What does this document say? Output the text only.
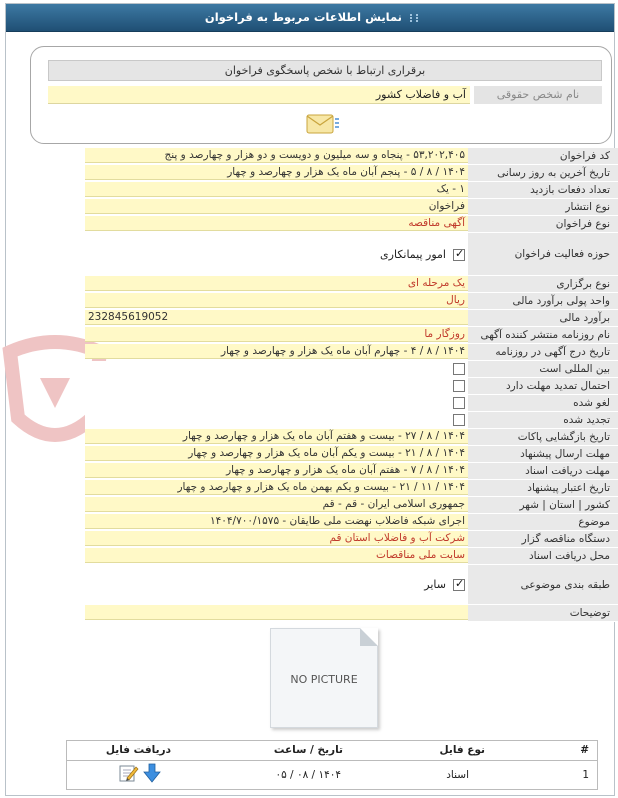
نمایش اطلاعات مربوط به فراخوان
برقراری ارتباط با شخص پاسخگوی فراخوان
آب و فاضلاب کشور	نام شخص حقوقی
کد فراخوان
۵۳,۲۰۲,۴۰۵ - پنجاه و سه میلیون و دویست و دو هزار و چهارصد و پنج
تاریخ آخرین به روز رسانی
۱۴۰۴ / ۸ / ۵ - پنجم آبان ماه یک هزار و چهارصد و چهار
تعداد دفعات بازدید
۱ - یک
نوع انتشار
فراخوان
نوع فراخوان
آگهی مناقصه
حوزه فعالیت فراخوان
✓
امور پیمانکاری
نوع برگزاری
یک مرحله ای
واحد پولی برآورد مالی
ریال
برآورد مالی
232845619052
نام روزنامه منتشر کننده آگهی
روزگار ما
تاریخ درج آگهی در روزنامه
۱۴۰۴ / ۸ / ۴ - چهارم آبان ماه یک هزار و چهارصد و چهار
بین المللی است
احتمال تمدید مهلت دارد
لغو شده
تجدید شده
تاریخ بازگشایی پاکات
۱۴۰۴ / ۸ / ۲۷ - بیست و هفتم آبان ماه یک هزار و چهارصد و چهار
مهلت ارسال پیشنهاد
۱۴۰۴ / ۸ / ۲۱ - بیست و یکم آبان ماه یک هزار و چهارصد و چهار
مهلت دریافت اسناد
۱۴۰۴ / ۸ / ۷ - هفتم آبان ماه یک هزار و چهارصد و چهار
تاریخ اعتبار پیشنهاد
۱۴۰۴ / ۱۱ / ۲۱ - بیست و یکم بهمن ماه یک هزار و چهارصد و چهار
کشور | استان | شهر
جمهوری اسلامی ایران - قم - قم
موضوع
اجرای شبکه فاضلاب نهضت ملی طایقان - ۱۴۰۴/۷۰۰/۱۵۷۵
دستگاه مناقصه گزار
شرکت آب و فاضلاب استان قم
محل دریافت اسناد
سایت ملی مناقصات
طبقه بندی موضوعی
✓
سایر
توضیحات
NO PICTURE
#
نوع فایل
تاریخ / ساعت
دریافت فایل
1
اسناد
۱۴۰۴ / ۰۸ / ۰۵
